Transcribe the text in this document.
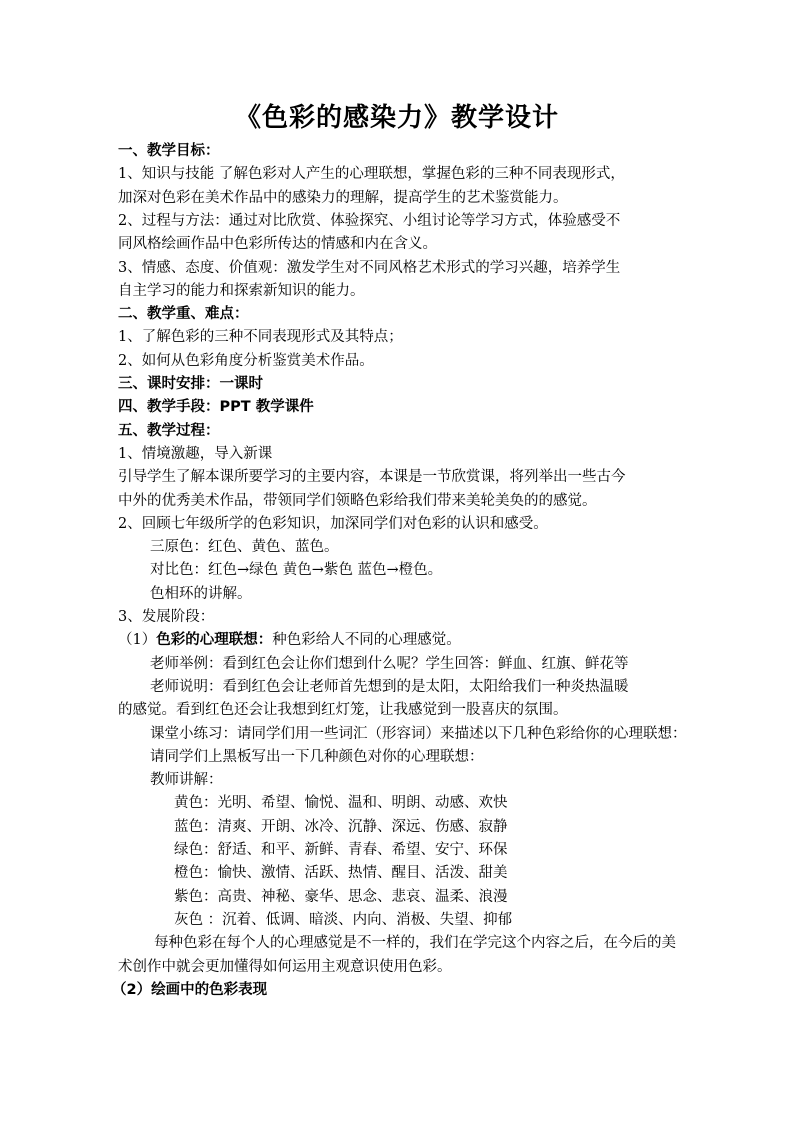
《色彩的感染力》教学设计
一、教学目标：
1、知识与技能 了解色彩对人产生的心理联想，掌握色彩的三种不同表现形式，
加深对色彩在美术作品中的感染力的理解，提高学生的艺术鉴赏能力。
2、过程与方法：通过对比欣赏、体验探究、小组讨论等学习方式，体验感受不
同风格绘画作品中色彩所传达的情感和内在含义。
3、情感、态度、价值观：激发学生对不同风格艺术形式的学习兴趣，培养学生
自主学习的能力和探索新知识的能力。
二、教学重、难点：
1、了解色彩的三种不同表现形式及其特点；
2、如何从色彩角度分析鉴赏美术作品。
三、课时安排：一课时
四、教学手段：PPT 教学课件
五、教学过程：
1、情境激趣，导入新课
引导学生了解本课所要学习的主要内容，本课是一节欣赏课，将列举出一些古今
中外的优秀美术作品，带领同学们领略色彩给我们带来美轮美奂的的感觉。
2、回顾七年级所学的色彩知识，加深同学们对色彩的认识和感受。
三原色：红色、黄色、蓝色。
对比色：红色→绿色 黄色→紫色 蓝色→橙色。
色相环的讲解。
3、发展阶段：
（1）色彩的心理联想：种色彩给人不同的心理感觉。
老师举例：看到红色会让你们想到什么呢？学生回答：鲜血、红旗、鲜花等
老师说明：看到红色会让老师首先想到的是太阳，太阳给我们一种炎热温暖
的感觉。看到红色还会让我想到红灯笼，让我感觉到一股喜庆的氛围。
课堂小练习：请同学们用一些词汇（形容词）来描述以下几种色彩给你的心理联想：
请同学们上黑板写出一下几种颜色对你的心理联想：
教师讲解：
黄色：光明、希望、愉悦、温和、明朗、动感、欢快
蓝色：清爽、开朗、冰冷、沉静、深远、伤感、寂静
绿色：舒适、和平、新鲜、青春、希望、安宁、环保
橙色：愉快、激情、活跃、热情、醒目、活泼、甜美
紫色：高贵、神秘、豪华、思念、悲哀、温柔、浪漫
灰色 ：沉着、低调、暗淡、内向、消极、失望、抑郁
每种色彩在每个人的心理感觉是不一样的，我们在学完这个内容之后，在今后的美
术创作中就会更加懂得如何运用主观意识使用色彩。
（2）绘画中的色彩表现
